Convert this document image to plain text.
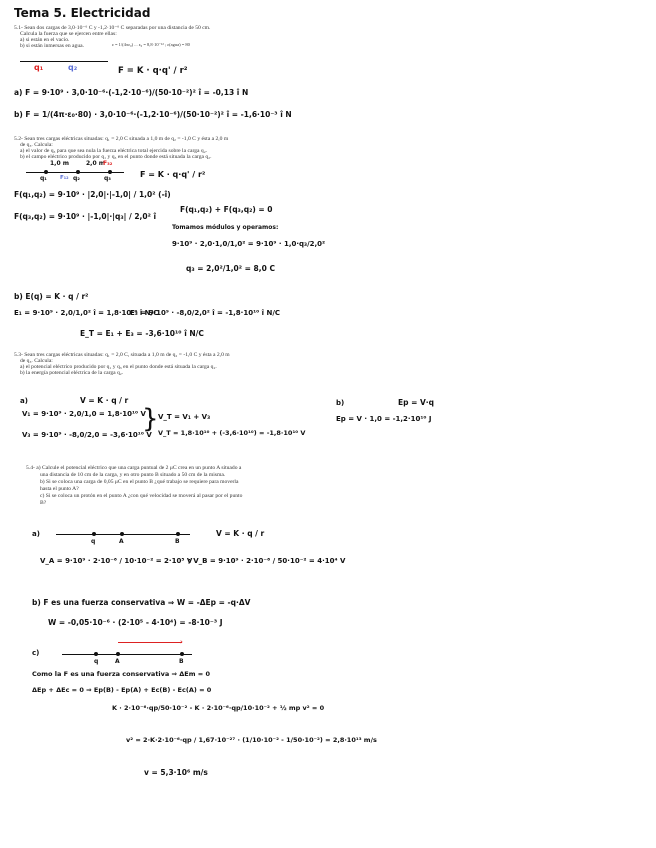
Tema 5. Electricidad
5.1- Sean dos cargas de 3,0·10⁻⁶ C y -1,2·10⁻⁶ C separadas por una distancia de 50 cm.
Calcula la fuerza que se ejercen entre ellas:
a) si están en el vacío.
b) si están inmersas en agua.	ε = 1/(4πε₀) ... ε₀ = 8,8·10⁻¹² ; ε(agua) = 80
q₁	q₂	F = K · q·q' / r²
a) F = 9·10⁹ · 3,0·10⁻⁶·(-1,2·10⁻⁶)/(50·10⁻²)² î = -0,13 î N
b) F = 1/(4π·ε₀·80) · 3,0·10⁻⁶·(-1,2·10⁻⁶)/(50·10⁻²)² î = -1,6·10⁻³ î N
5.2- Sean tres cargas eléctricas situadas: q₁ = 2,0 C situada a 1,0 m de q₂ = -1,0 C y ésta a 2,0 m
de q₃. Calcula:
a) el valor de q₃ para que sea nula la fuerza eléctrica total ejercida sobre la carga q₂.
b) el campo eléctrico producido por q₁ y q₃ en el punto donde está situada la carga q₂.
1,0 m	2,0 m
F₃₂
q₁	q₂	q₃
F₁₂	F = K · q·q' / r²
F(q₁,q₂) = 9·10⁹ · |2,0|·|-1,0| / 1,0² (-î)
F(q₃,q₂) = 9·10⁹ · |-1,0|·|q₃| / 2,0² î
F(q₁,q₂) + F(q₃,q₂) = 0
Tomamos módulos y operamos:
9·10⁹ · 2,0·1,0/1,0² = 9·10⁹ · 1,0·q₃/2,0²
q₃ = 2,0²/1,0² = 8,0 C
b) E(q) = K · q / r²
E₁ = 9·10⁹ · 2,0/1,0² î = 1,8·10¹⁰ î N/C
E₃ = 9·10⁹ · -8,0/2,0² î = -1,8·10¹⁰ î N/C
E_T = E₁ + E₃ = -3,6·10¹⁰ î N/C
5.3- Sean tres cargas eléctricas situadas: q₁ = 2,0 C, situada a 1,0 m de q₂ = -1,0 C y ésta a 2,0 m
de q₃. Calcula:
a) el potencial eléctrico producido por q₁ y q₃ en el punto donde está situada la carga q₂.
b) la energía potencial eléctrica de la carga q₂.
a)	V = K · q / r
V₁ = 9·10⁹ · 2,0/1,0 = 1,8·10¹⁰ V
V₃ = 9·10⁹ · -8,0/2,0 = -3,6·10¹⁰ V
} V_T = V₁ + V₃
V_T = 1,8·10¹⁰ + (-3,6·10¹⁰) = -1,8·10¹⁰ V
b)	Ep = V·q
Ep = V · 1,0 = -1,2·10¹⁰ J
5.4- a) Calcule el potencial eléctrico que una carga puntual de 2 μC crea en un punto A situado a
una distancia de 10 cm de la carga, y en otro punto B situado a 50 cm de la misma.
b) Si se coloca una carga de 0,05 μC en el punto B ¿qué trabajo se requiere para moverla
hasta el punto A?
c) Si se coloca un protón en el punto A ¿con qué velocidad se moverá al pasar por el punto
B?
a)
q	A	B
V = K · q / r
V_A = 9·10⁹ · 2·10⁻⁶ / 10·10⁻² = 2·10⁵ V
; V_B = 9·10⁹ · 2·10⁻⁶ / 50·10⁻² = 4·10⁴ V
b) F es una fuerza conservativa ⇒ W = -ΔEp = -q·ΔV
W = -0,05·10⁻⁶ · (2·10⁵ - 4·10⁴) = -8·10⁻³ J
c)
›
q	A	B
Como la F es una fuerza conservativa ⇒ ΔEm = 0
ΔEp + ΔEc = 0 ⇒ Ep(B) - Ep(A) + Ec(B) - Ec(A) = 0
K · 2·10⁻⁶·qp/50·10⁻² - K · 2·10⁻⁶·qp/10·10⁻² + ½ mp v² = 0
v² = 2·K·2·10⁻⁶·qp / 1,67·10⁻²⁷ · (1/10·10⁻² - 1/50·10⁻²) = 2,8·10¹³ m/s
v = 5,3·10⁶ m/s
